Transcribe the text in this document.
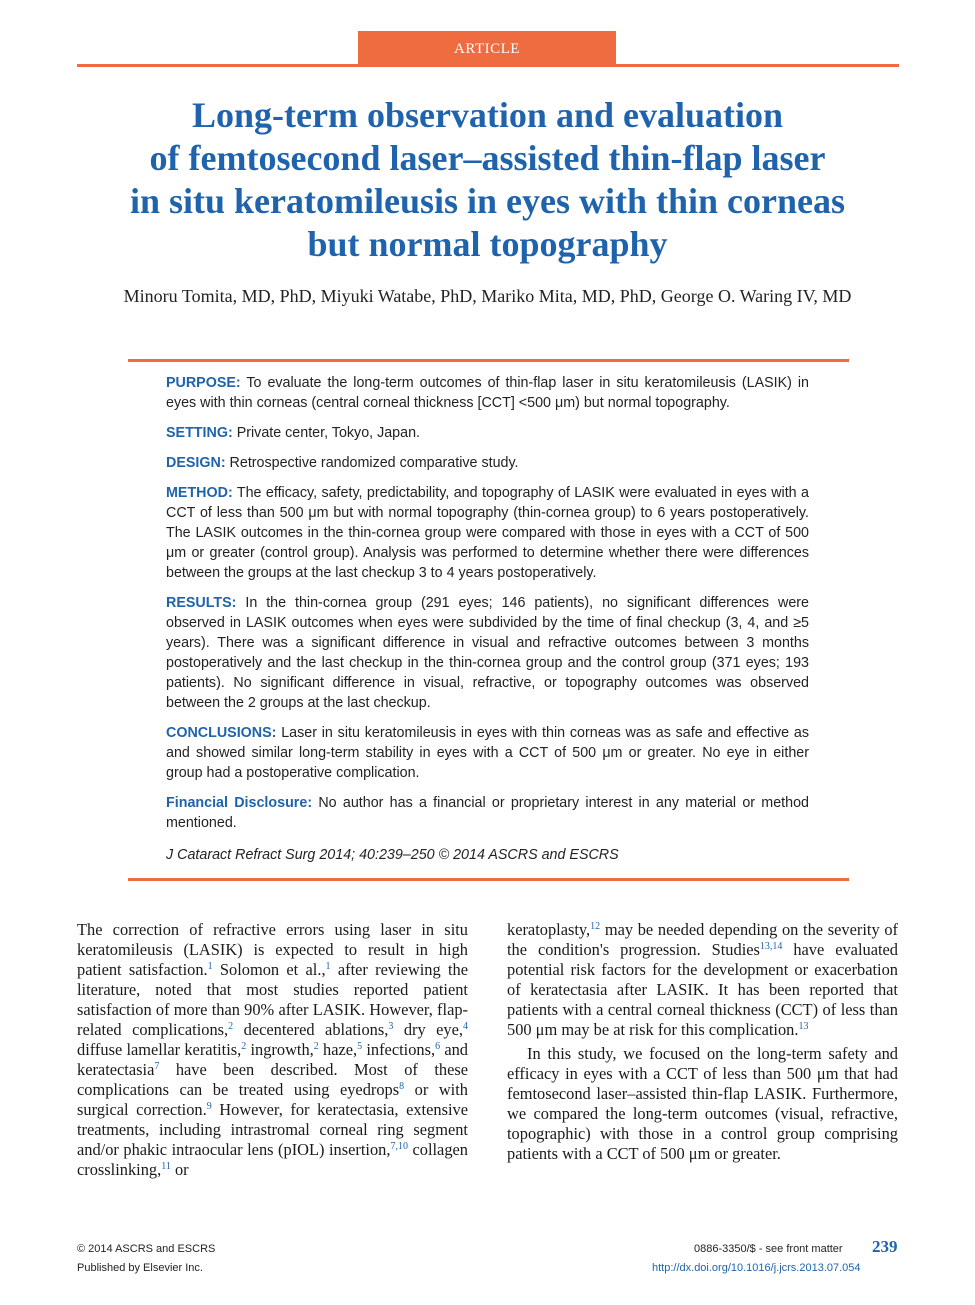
ARTICLE
Long-term observation and evaluation
of femtosecond laser–assisted thin-flap laser
in situ keratomileusis in eyes with thin corneas
but normal topography
Minoru Tomita, MD, PhD, Miyuki Watabe, PhD, Mariko Mita, MD, PhD, George O. Waring IV, MD

PURPOSE: To evaluate the long-term outcomes of thin-flap laser in situ keratomileusis (LASIK) in eyes with thin corneas (central corneal thickness [CCT] <500 μm) but normal topography.

SETTING: Private center, Tokyo, Japan.

DESIGN: Retrospective randomized comparative study.

METHOD: The efficacy, safety, predictability, and topography of LASIK were evaluated in eyes with a CCT of less than 500 μm but with normal topography (thin-cornea group) to 6 years postoperatively. The LASIK outcomes in the thin-cornea group were compared with those in eyes with a CCT of 500 μm or greater (control group). Analysis was performed to determine whether there were differences between the groups at the last checkup 3 to 4 years postoperatively.

RESULTS: In the thin-cornea group (291 eyes; 146 patients), no significant differences were observed in LASIK outcomes when eyes were subdivided by the time of final checkup (3, 4, and ≥5 years). There was a significant difference in visual and refractive outcomes between 3 months postoperatively and the last checkup in the thin-cornea group and the control group (371 eyes; 193 patients). No significant difference in visual, refractive, or topography outcomes was observed between the 2 groups at the last checkup.

CONCLUSIONS: Laser in situ keratomileusis in eyes with thin corneas was as safe and effective as and showed similar long-term stability in eyes with a CCT of 500 μm or greater. No eye in either group had a postoperative complication.

Financial Disclosure: No author has a financial or proprietary interest in any material or method mentioned.

J Cataract Refract Surg 2014; 40:239–250 © 2014 ASCRS and ESCRS

The correction of refractive errors using laser in situ keratomileusis (LASIK) is expected to result in high patient satisfaction.$^1$ Solomon et al.,$^1$ after reviewing the literature, noted that most studies reported patient satisfaction of more than 90% after LASIK. However, flap-related complications,$^2$ decentered ablations,$^3$ dry eye,$^4$ diffuse lamellar keratitis,$^2$ ingrowth,$^2$ haze,$^5$ infections,$^6$ and keratectasia$^7$ have been described. Most of these complications can be treated using eyedrops$^8$ or with surgical correction.$^9$ However, for keratectasia, extensive treatments, including intrastromal corneal ring segment and/or phakic intraocular lens (pIOL) insertion,$^{7,10}$ collagen crosslinking,$^{11}$ or

keratoplasty,$^{12}$ may be needed depending on the severity of the condition's progression. Studies$^{13,14}$ have evaluated potential risk factors for the development or exacerbation of keratectasia after LASIK. It has been reported that patients with a central corneal thickness (CCT) of less than 500 μm may be at risk for this complication.$^{13}$

In this study, we focused on the long-term safety and efficacy in eyes with a CCT of less than 500 μm that had femtosecond laser–assisted thin-flap LASIK. Furthermore, we compared the long-term outcomes (visual, refractive, topographic) with those in a control group comprising patients with a CCT of 500 μm or greater.

© 2014 ASCRS and ESCRS
Published by Elsevier Inc.
0886-3350/$ - see front matter 239
http://dx.doi.org/10.1016/j.jcrs.2013.07.054
